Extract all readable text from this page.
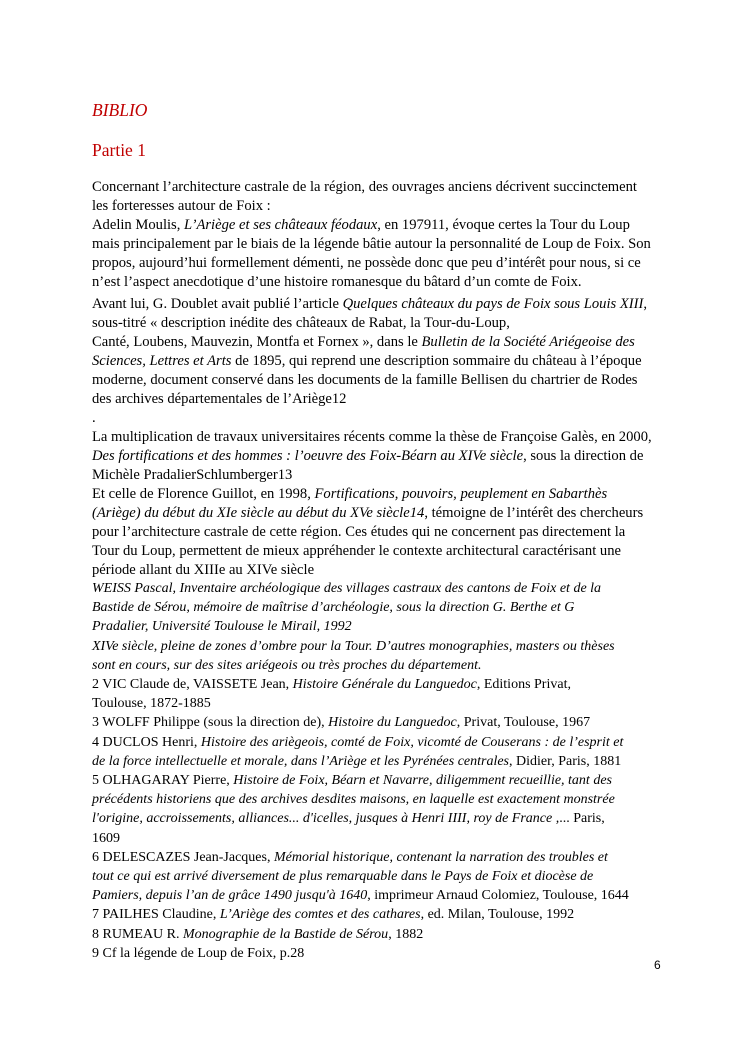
BIBLIO
Partie 1

Concernant l’architecture castrale de la région, des ouvrages anciens décrivent succinctement

les forteresses autour de Foix :

Adelin Moulis, L’Ariège et ses châteaux féodaux, en 197911, évoque certes la Tour du Loup

mais principalement par le biais de la légende bâtie autour la personnalité de Loup de Foix. Son

propos, aujourd’hui formellement démenti, ne possède donc que peu d’intérêt pour nous, si ce

n’est l’aspect anecdotique d’une histoire romanesque du bâtard d’un comte de Foix.

Avant lui, G. Doublet avait publié l’article Quelques châteaux du pays de Foix sous Louis XIII,

sous-titré « description inédite des châteaux de Rabat, la Tour-du-Loup,

Canté, Loubens, Mauvezin, Montfa et Fornex », dans le Bulletin de la Société Ariégeoise des

Sciences, Lettres et Arts de 1895, qui reprend une description sommaire du château à l’époque

moderne, document conservé dans les documents de la famille Bellisen du chartrier de Rodes

des archives départementales de l’Ariège12

.

La multiplication de travaux universitaires récents comme la thèse de Françoise Galès, en 2000,

Des fortifications et des hommes : l’oeuvre des Foix-Béarn au XIVe siècle, sous la direction de

Michèle PradalierSchlumberger13

Et celle de Florence Guillot, en 1998, Fortifications, pouvoirs, peuplement en Sabarthès

(Ariège) du début du XIe siècle au début du XVe siècle14, témoigne de l’intérêt des chercheurs

pour l’architecture castrale de cette région. Ces études qui ne concernent pas directement la

Tour du Loup, permettent de mieux appréhender le contexte architectural caractérisant une

période allant du XIIIe au XIVe siècle

WEISS Pascal, Inventaire archéologique des villages castraux des cantons de Foix et de la

Bastide de Sérou, mémoire de maîtrise d’archéologie, sous la direction G. Berthe et G

Pradalier, Université Toulouse le Mirail, 1992

XIVe siècle, pleine de zones d’ombre pour la Tour. D’autres monographies, masters ou thèses

sont en cours, sur des sites ariégeois ou très proches du département.

2 VIC Claude de, VAISSETE Jean, Histoire Générale du Languedoc, Editions Privat,

Toulouse, 1872-1885

3 WOLFF Philippe (sous la direction de), Histoire du Languedoc, Privat, Toulouse, 1967

4 DUCLOS Henri, Histoire des ariègeois, comté de Foix, vicomté de Couserans : de l’esprit et

de la force intellectuelle et morale, dans l’Ariège et les Pyrénées centrales, Didier, Paris, 1881

5 OLHAGARAY Pierre, Histoire de Foix, Béarn et Navarre, diligemment recueillie, tant des

précédents historiens que des archives desdites maisons, en laquelle est exactement monstrée

l'origine, accroissements, alliances... d'icelles, jusques à Henri IIII, roy de France ,... Paris,

1609

6 DELESCAZES Jean-Jacques, Mémorial historique, contenant la narration des troubles et

tout ce qui est arrivé diversement de plus remarquable dans le Pays de Foix et diocèse de

Pamiers, depuis l’an de grâce 1490 jusqu'à 1640, imprimeur Arnaud Colomiez, Toulouse, 1644

7 PAILHES Claudine, L’Ariège des comtes et des cathares, ed. Milan, Toulouse, 1992

8 RUMEAU R. Monographie de la Bastide de Sérou, 1882

9 Cf la légende de Loup de Foix, p.28

6
